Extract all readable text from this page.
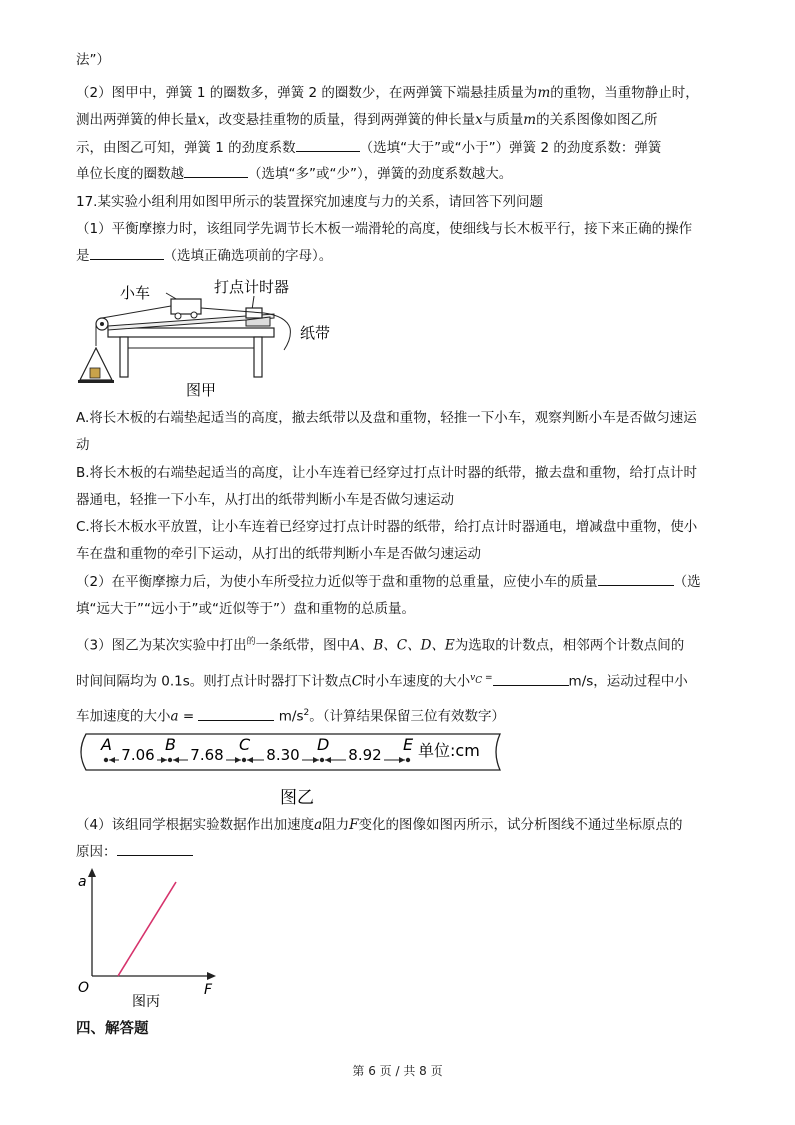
法”）
（2）图甲中，弹簧 1 的圈数多，弹簧 2 的圈数少，在两弹簧下端悬挂质量为m的重物，当重物静止时，
测出两弹簧的伸长量x，改变悬挂重物的质量，得到两弹簧的伸长量x与质量m的关系图像如图乙所
示，由图乙可知，弹簧 1 的劲度系数	（选填“大于”或“小于”）弹簧 2 的劲度系数：弹簧
单位长度的圈数越	（选填“多”或“少”），弹簧的劲度系数越大。
17.某实验小组利用如图甲所示的装置探究加速度与力的关系，请回答下列问题
（1）平衡摩擦力时，该组同学先调节长木板一端滑轮的高度，使细线与长木板平行，接下来正确的操作
是	（选填正确选项前的字母）。
小车	打点计时器
纸带
图甲
A.将长木板的右端垫起适当的高度，撤去纸带以及盘和重物，轻推一下小车，观察判断小车是否做匀速运
动
B.将长木板的右端垫起适当的高度，让小车连着已经穿过打点计时器的纸带，撤去盘和重物，给打点计时
器通电，轻推一下小车，从打出的纸带判断小车是否做匀速运动
C.将长木板水平放置，让小车连着已经穿过打点计时器的纸带，给打点计时器通电，增减盘中重物，使小
车在盘和重物的牵引下运动，从打出的纸带判断小车是否做匀速运动
（2）在平衡摩擦力后，为使小车所受拉力近似等于盘和重物的总重量，应使小车的质量	（选
填“远大于”“远小于”或“近似等于”）盘和重物的总质量。
（3）图乙为某次实验中打出$^的$一条纸带，图中A、B、C、D、E为选取的计数点，相邻两个计数点间的
时间间隔均为 0.1s。则打点计时器打下计数点C时小车速度的大小$^{vC =}$	m/s，运动过程中小
车加速度的大小a =	$m/s^2$。（计算结果保留三位有效数字）
A	B	C	D	E
7.06 7.68	8.30	8.92 单位:cm
图乙
（4）该组同学根据实验数据作出加速度a阻力F变化的图像如图丙所示，试分析图线不通过坐标原点的
原因：
a
F
O
图丙
四、解答题
第 6 页 / 共 8 页
